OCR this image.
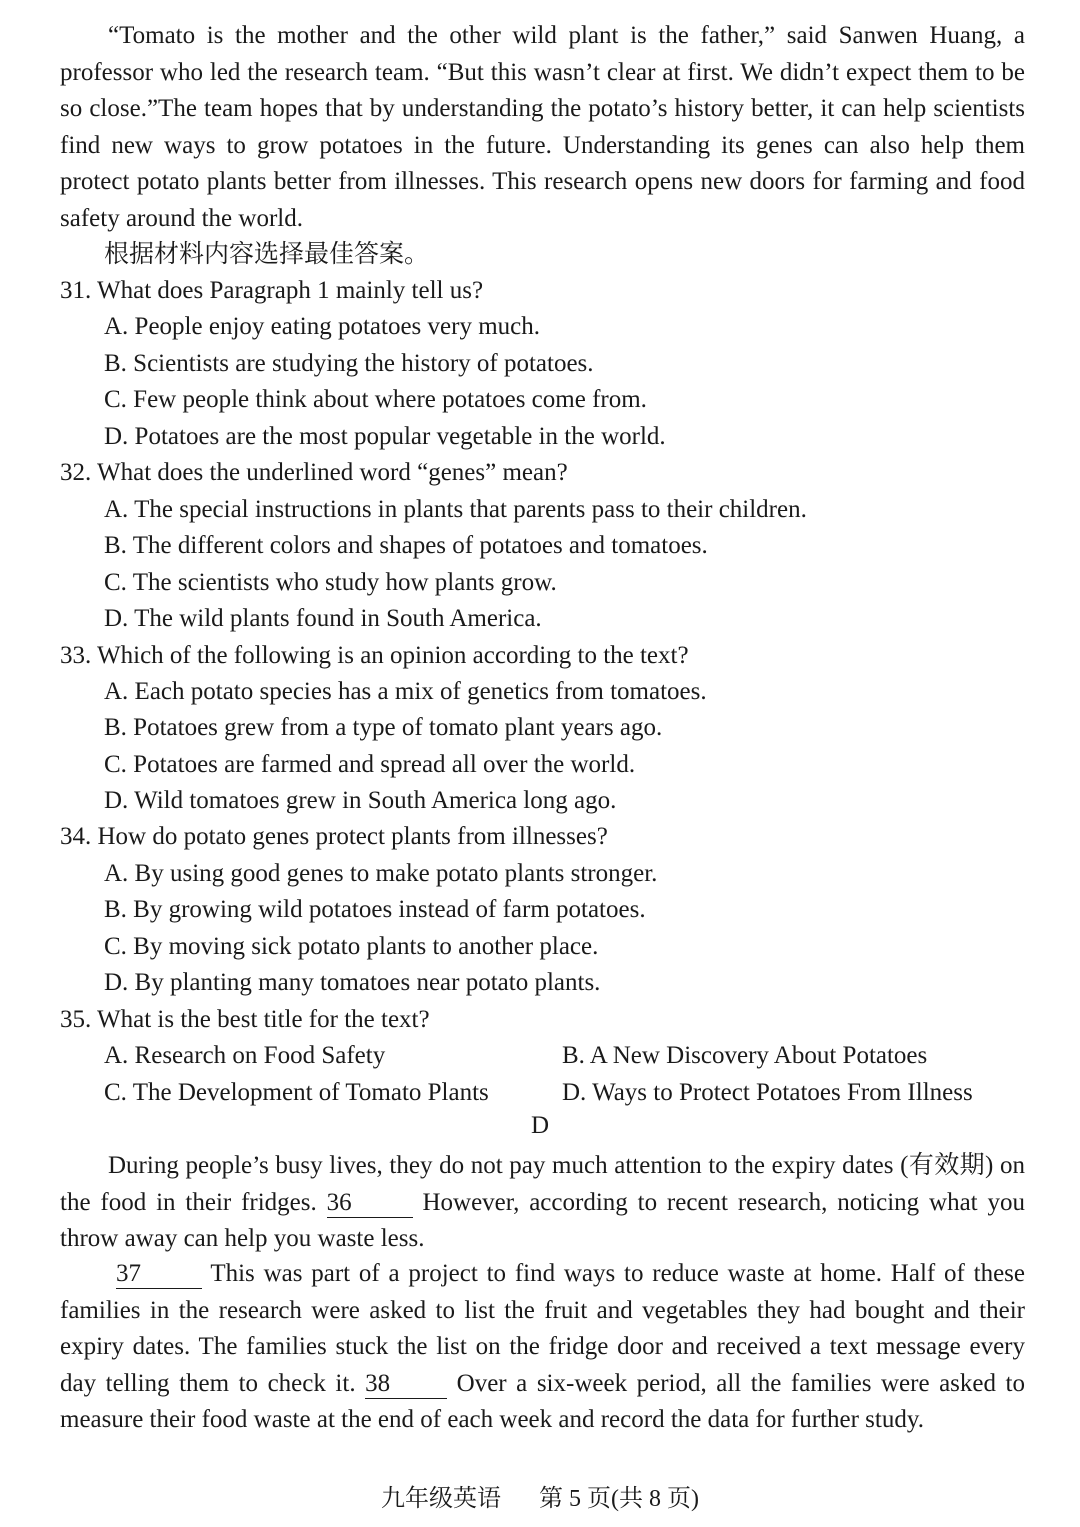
“Tomato is the mother and the other wild plant is the father,” said Sanwen Huang, a professor who led the research team. “But this wasn’t clear at first. We didn’t expect them to be so close.”The team hopes that by understanding the potato’s history better, it can help scientists find new ways to grow potatoes in the future. Understanding its genes can also help them protect potato plants better from illnesses. This research opens new doors for farming and food safety around the world.

根据材料内容选择最佳答案。

31. What does Paragraph 1 mainly tell us?

A. People enjoy eating potatoes very much.

B. Scientists are studying the history of potatoes.

C. Few people think about where potatoes come from.

D. Potatoes are the most popular vegetable in the world.

32. What does the underlined word “genes” mean?

A. The special instructions in plants that parents pass to their children.

B. The different colors and shapes of potatoes and tomatoes.

C. The scientists who study how plants grow.

D. The wild plants found in South America.

33. Which of the following is an opinion according to the text?

A. Each potato species has a mix of genetics from tomatoes.

B. Potatoes grew from a type of tomato plant years ago.

C. Potatoes are farmed and spread all over the world.

D. Wild tomatoes grew in South America long ago.

34. How do potato genes protect plants from illnesses?

A. By using good genes to make potato plants stronger.

B. By growing wild potatoes instead of farm potatoes.

C. By moving sick potato plants to another place.

D. By planting many tomatoes near potato plants.

35. What is the best title for the text?

A. Research on Food Safety	B. A New Discovery About Potatoes

C. The Development of Tomato Plants	D. Ways to Protect Potatoes From Illness

D

During people’s busy lives, they do not pay much attention to the expiry dates (有效期) on the food in their fridges. 36 However, according to recent research, noticing what you throw away can help you waste less.

37 This was part of a project to find ways to reduce waste at home. Half of these families in the research were asked to list the fruit and vegetables they had bought and their expiry dates. The families stuck the list on the fridge door and received a text message every day telling them to check it. 38 Over a six-week period, all the families were asked to measure their food waste at the end of each week and record the data for further study.

九年级英语 第 5 页(共 8 页)
